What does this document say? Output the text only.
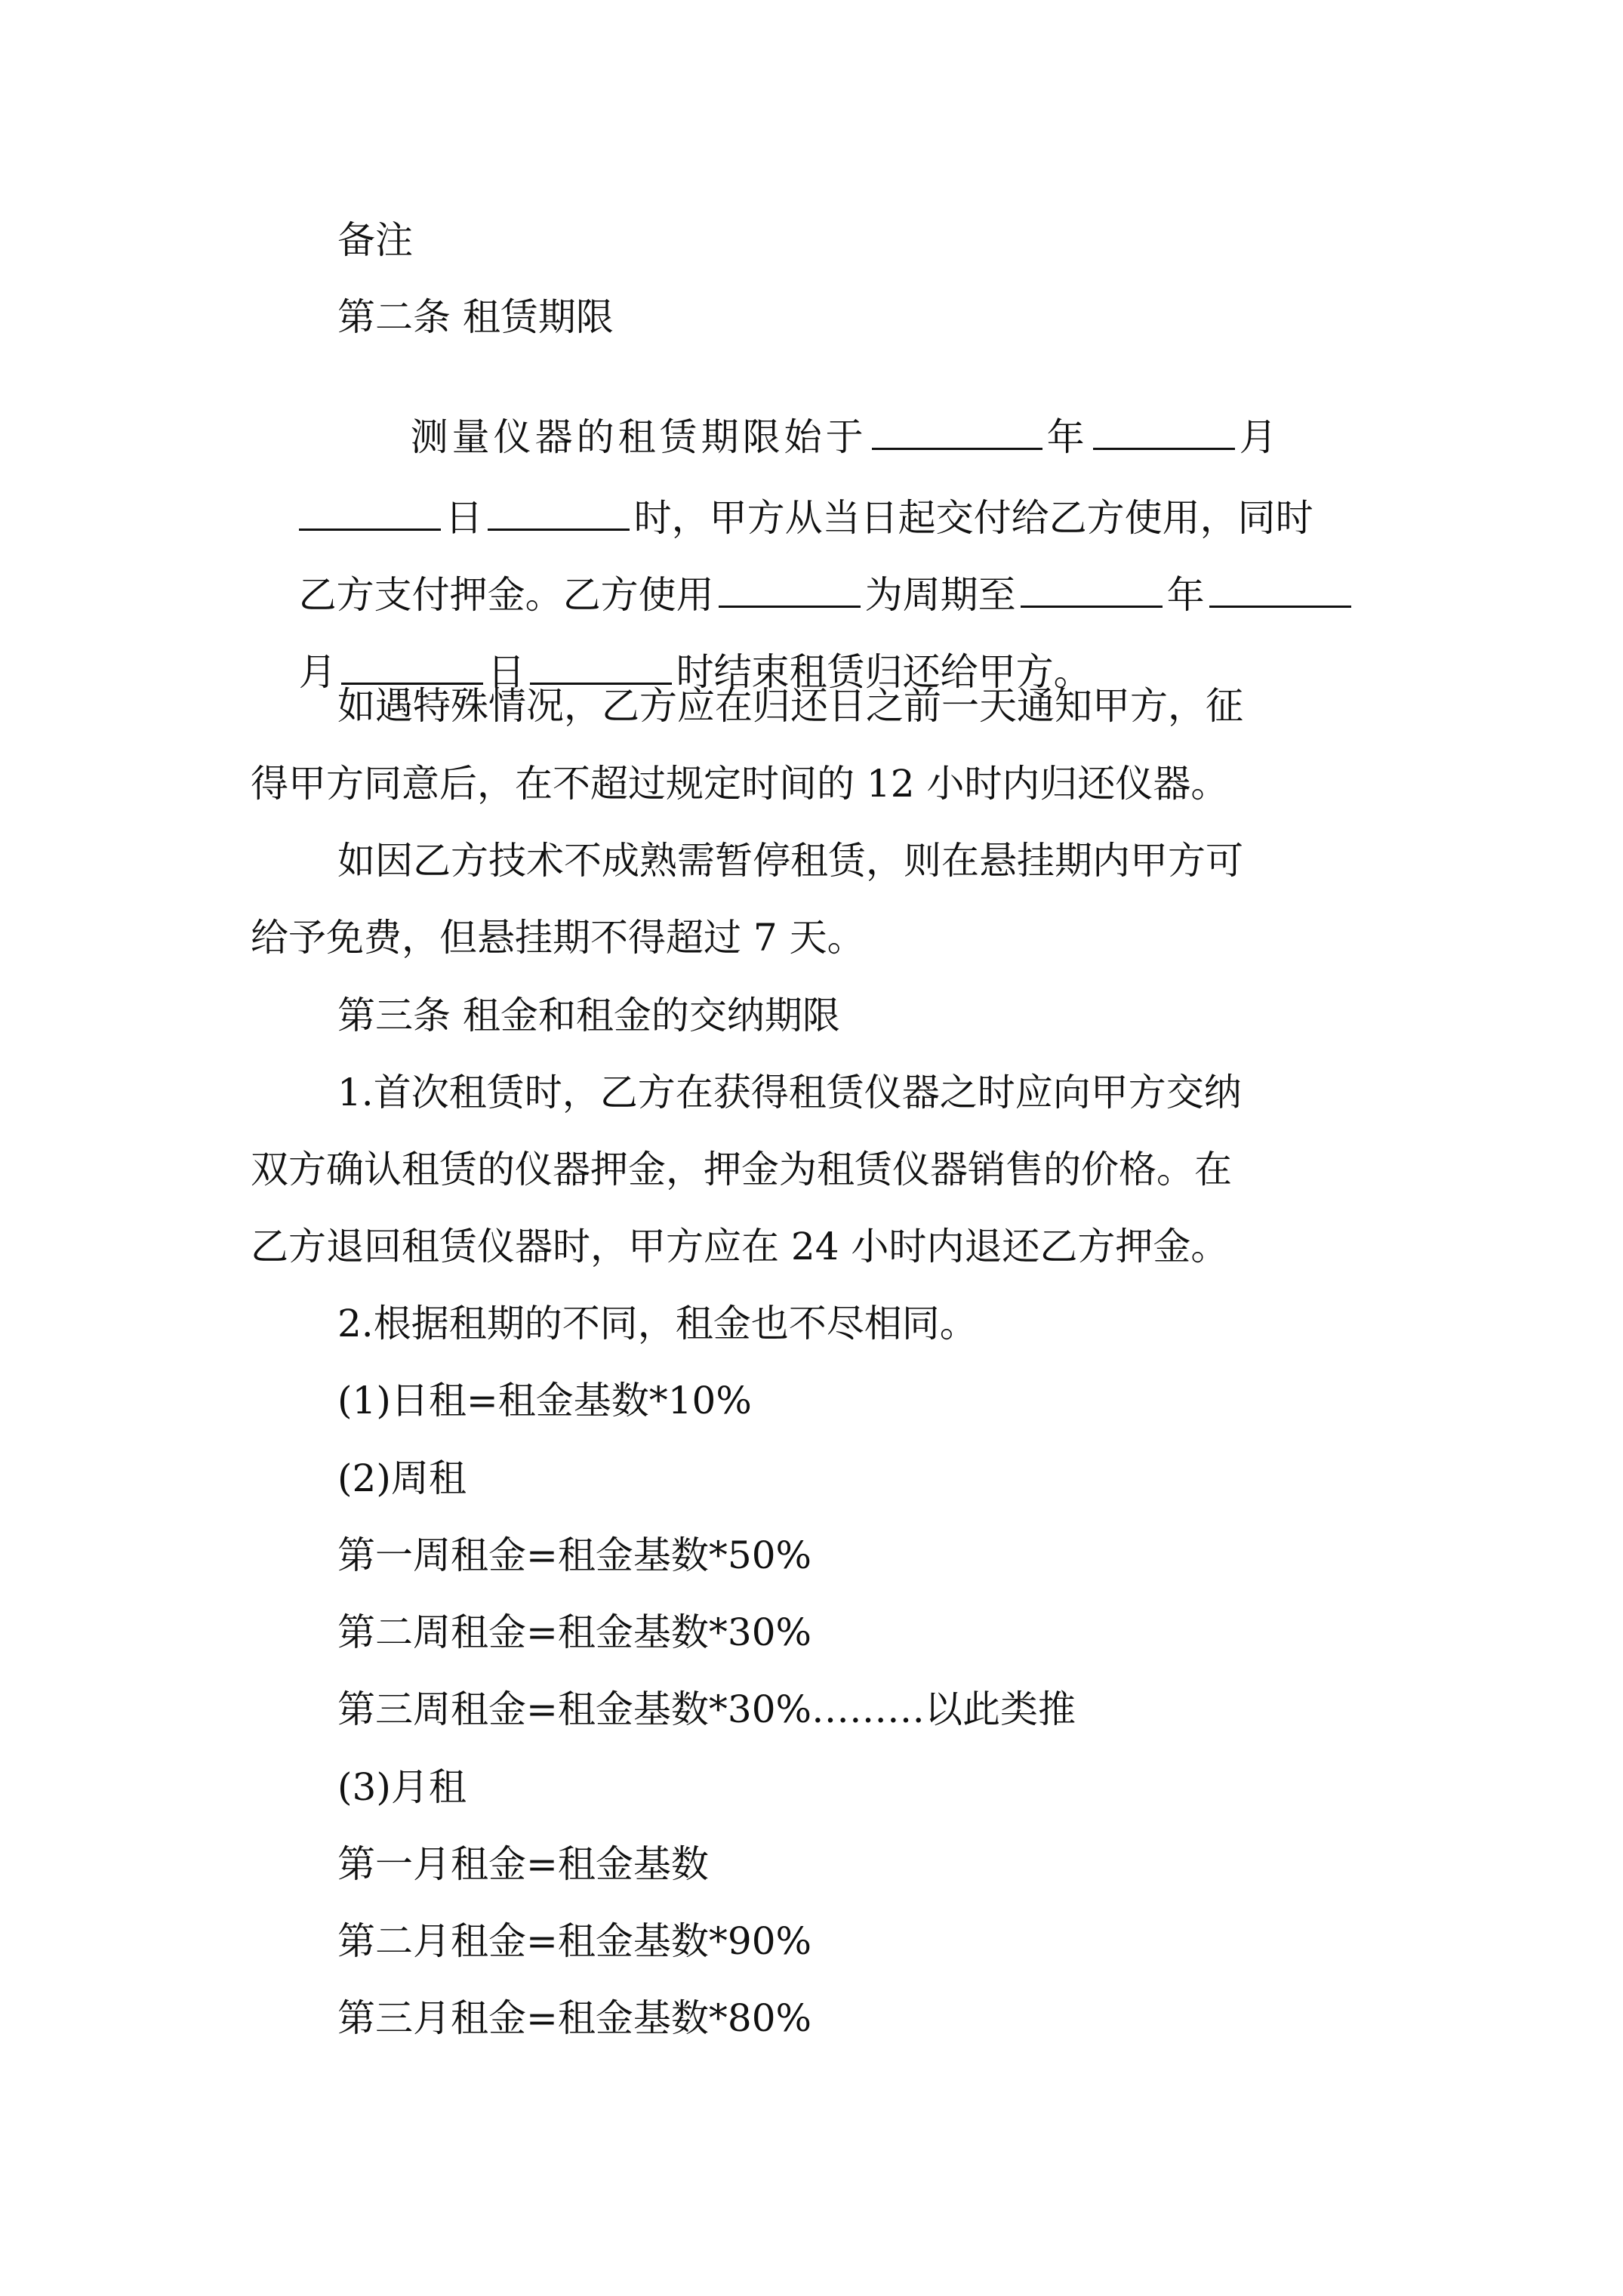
备注
第二条 租赁期限

测量仪器的租赁期限始于	年	月

日	时，甲方从当日起交付给乙方使用，同时

乙方支付押金。乙方使用	为周期至	年

月	日	时结束租赁归还给甲方。

如遇特殊情况，乙方应在归还日之前一天通知甲方，征
得甲方同意后，在不超过规定时间的 12 小时内归还仪器。
如因乙方技术不成熟需暂停租赁，则在悬挂期内甲方可
给予免费，但悬挂期不得超过 7 天。
第三条 租金和租金的交纳期限
1.首次租赁时，乙方在获得租赁仪器之时应向甲方交纳
双方确认租赁的仪器押金，押金为租赁仪器销售的价格。在
乙方退回租赁仪器时，甲方应在 24 小时内退还乙方押金。
2.根据租期的不同，租金也不尽相同。
(1)日租=租金基数*10%
(2)周租
第一周租金=租金基数*50%
第二周租金=租金基数*30%
第三周租金=租金基数*30%………以此类推
(3)月租
第一月租金=租金基数
第二月租金=租金基数*90%
第三月租金=租金基数*80%
